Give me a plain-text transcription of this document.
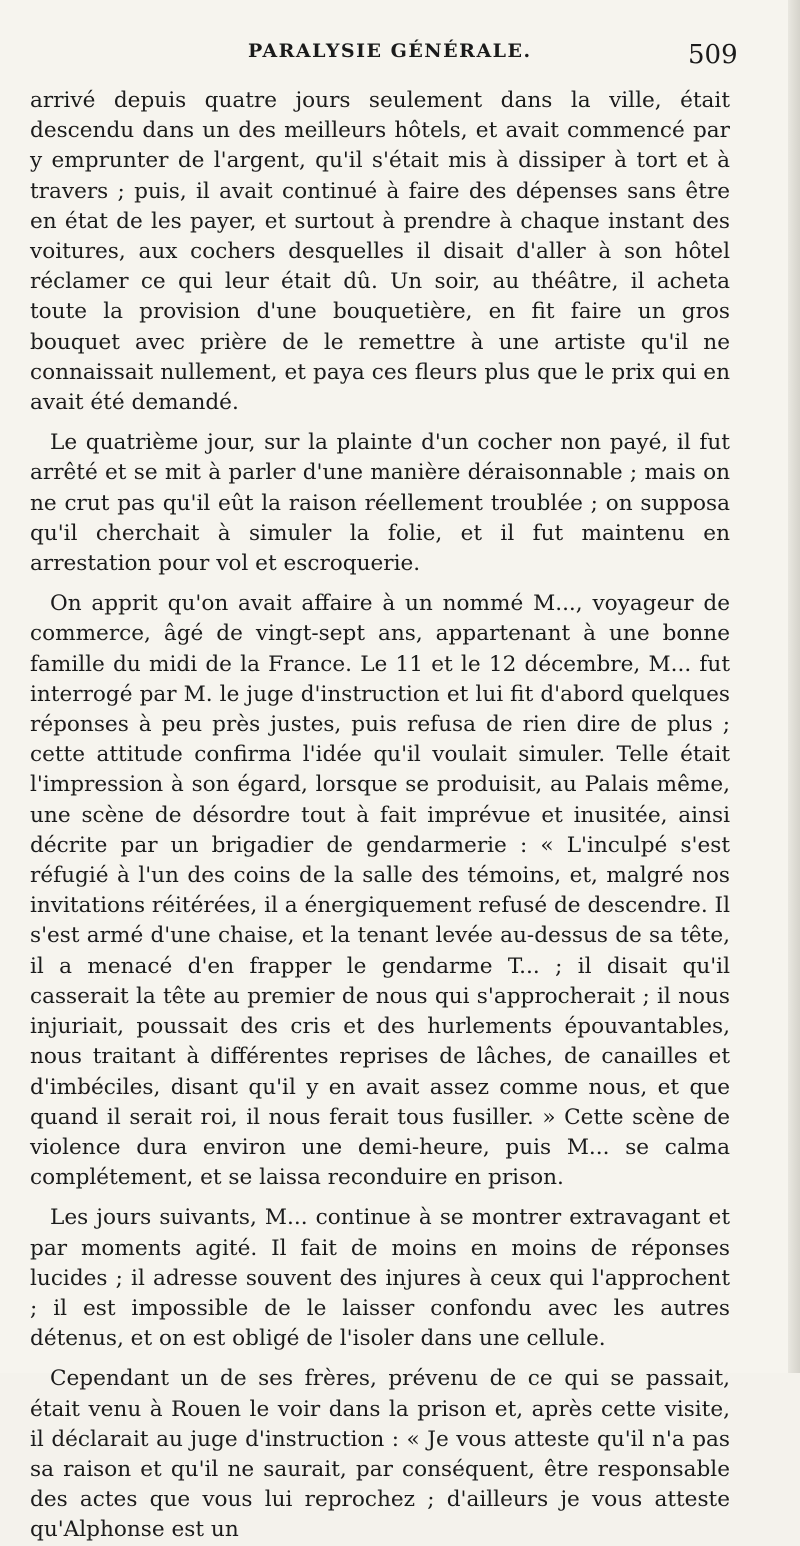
PARALYSIE GÉNÉRALE.	509

arrivé depuis quatre jours seulement dans la ville, était descendu dans un des meilleurs hôtels, et avait commencé par y emprunter de l'argent, qu'il s'était mis à dissiper à tort et à travers ; puis, il avait continué à faire des dépenses sans être en état de les payer, et surtout à prendre à chaque instant des voitures, aux cochers desquelles il disait d'aller à son hôtel réclamer ce qui leur était dû. Un soir, au théâtre, il acheta toute la provision d'une bouquetière, en fit faire un gros bouquet avec prière de le remettre à une artiste qu'il ne connaissait nullement, et paya ces fleurs plus que le prix qui en avait été demandé.

Le quatrième jour, sur la plainte d'un cocher non payé, il fut arrêté et se mit à parler d'une manière déraisonnable ; mais on ne crut pas qu'il eût la raison réellement troublée ; on supposa qu'il cherchait à simuler la folie, et il fut maintenu en arrestation pour vol et escroquerie.

On apprit qu'on avait affaire à un nommé M..., voyageur de commerce, âgé de vingt-sept ans, appartenant à une bonne famille du midi de la France. Le 11 et le 12 décembre, M... fut interrogé par M. le juge d'instruction et lui fit d'abord quelques réponses à peu près justes, puis refusa de rien dire de plus ; cette attitude confirma l'idée qu'il voulait simuler. Telle était l'impression à son égard, lorsque se produisit, au Palais même, une scène de désordre tout à fait imprévue et inusitée, ainsi décrite par un brigadier de gendarmerie : « L'inculpé s'est réfugié à l'un des coins de la salle des témoins, et, malgré nos invitations réitérées, il a énergiquement refusé de descendre. Il s'est armé d'une chaise, et la tenant levée au-dessus de sa tête, il a menacé d'en frapper le gendarme T... ; il disait qu'il casserait la tête au premier de nous qui s'approcherait ; il nous injuriait, poussait des cris et des hurlements épouvantables, nous traitant à différentes reprises de lâches, de canailles et d'imbéciles, disant qu'il y en avait assez comme nous, et que quand il serait roi, il nous ferait tous fusiller. » Cette scène de violence dura environ une demi-heure, puis M... se calma complétement, et se laissa reconduire en prison.

Les jours suivants, M... continue à se montrer extravagant et par moments agité. Il fait de moins en moins de réponses lucides ; il adresse souvent des injures à ceux qui l'approchent ; il est impossible de le laisser confondu avec les autres détenus, et on est obligé de l'isoler dans une cellule.

Cependant un de ses frères, prévenu de ce qui se passait, était venu à Rouen le voir dans la prison et, après cette visite, il déclarait au juge d'instruction : « Je vous atteste qu'il n'a pas sa raison et qu'il ne saurait, par conséquent, être responsable des actes que vous lui reprochez ; d'ailleurs je vous atteste qu'Alphonse est un
